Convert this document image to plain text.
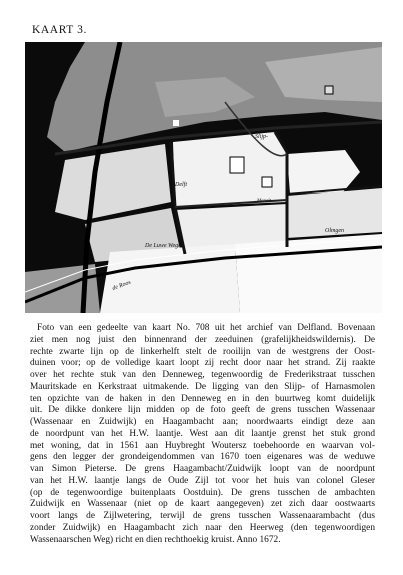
KAART 3.
Slijp-
Delft
Menelt
De Luwe Wegh
Olmgen
de Roos
Foto van een gedeelte van kaart No. 708 uit het archief van Delfland. Bovenaan
ziet men nog juist den binnenrand der zeeduinen (grafelijkheidswildernis). De
rechte zwarte lijn op de linkerhelft stelt de rooilijn van de westgrens der Oost-
duinen voor; op de volledige kaart loopt zij recht door naar het strand. Zij raakte
over het rechte stuk van den Denneweg, tegenwoordig de Frederikstraat tusschen
Mauritskade en Kerkstraat uitmakende. De ligging van den Slijp- of Harnasmolen
ten opzichte van de haken in den Denneweg en in den buurtweg komt duidelijk
uit. De dikke donkere lijn midden op de foto geeft de grens tusschen Wassenaar
(Wassenaar en Zuidwijk) en Haagambacht aan; noordwaarts eindigt deze aan
de noordpunt van het H.W. laantje. West aan dit laantje grenst het stuk grond
met woning, dat in 1561 aan Huybreght Woutersz toebehoorde en waarvan vol-
gens den legger der grondeigendommen van 1670 toen eigenares was de weduwe
van Simon Pieterse. De grens Haagambacht/Zuidwijk loopt van de noordpunt
van het H.W. laantje langs de Oude Zijl tot voor het huis van colonel Gleser
(op de tegenwoordige buitenplaats Oostduin). De grens tusschen de ambachten
Zuidwijk en Wassenaar (niet op de kaart aangegeven) zet zich daar oostwaarts
voort langs de Zijlwetering, terwijl de grens tusschen Wassenaarambacht (dus
zonder Zuidwijk) en Haagambacht zich naar den Heerweg (den tegenwoordigen
Wassenaarschen Weg) richt en dien rechthoekig kruist. Anno 1672.
